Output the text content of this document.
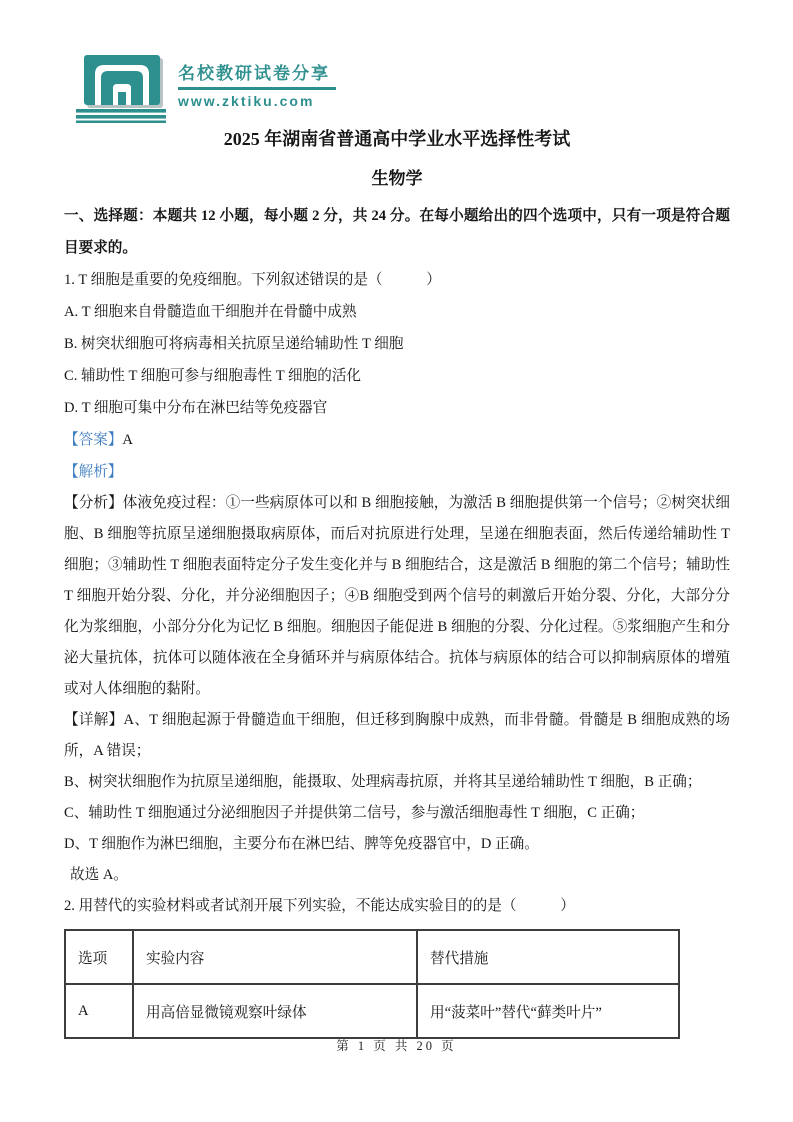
名校教研试卷分享
www.zktiku.com
2025 年湖南省普通高中学业水平选择性考试
生物学

一、选择题：本题共 12 小题，每小题 2 分，共 24 分。在每小题给出的四个选项中，只有一项是符合题目要求的。

1. T 细胞是重要的免疫细胞。下列叙述错误的是（　　　）

A. T 细胞来自骨髓造血干细胞并在骨髓中成熟

B. 树突状细胞可将病毒相关抗原呈递给辅助性 T 细胞

C. 辅助性 T 细胞可参与细胞毒性 T 细胞的活化

D. T 细胞可集中分布在淋巴结等免疫器官

【答案】A

【解析】

【分析】体液免疫过程：①一些病原体可以和 B 细胞接触，为激活 B 细胞提供第一个信号；②树突状细胞、B 细胞等抗原呈递细胞摄取病原体，而后对抗原进行处理，呈递在细胞表面，然后传递给辅助性 T 细胞；③辅助性 T 细胞表面特定分子发生变化并与 B 细胞结合，这是激活 B 细胞的第二个信号；辅助性 T 细胞开始分裂、分化，并分泌细胞因子；④B 细胞受到两个信号的刺激后开始分裂、分化，大部分分化为浆细胞，小部分分化为记忆 B 细胞。细胞因子能促进 B 细胞的分裂、分化过程。⑤浆细胞产生和分泌大量抗体，抗体可以随体液在全身循环并与病原体结合。抗体与病原体的结合可以抑制病原体的增殖或对人体细胞的黏附。

【详解】A、T 细胞起源于骨髓造血干细胞，但迁移到胸腺中成熟，而非骨髓。骨髓是 B 细胞成熟的场所，A 错误；

B、树突状细胞作为抗原呈递细胞，能摄取、处理病毒抗原，并将其呈递给辅助性 T 细胞，B 正确；

C、辅助性 T 细胞通过分泌细胞因子并提供第二信号，参与激活细胞毒性 T 细胞，C 正确；

D、T 细胞作为淋巴细胞，主要分布在淋巴结、脾等免疫器官中，D 正确。

故选 A。

2. 用替代的实验材料或者试剂开展下列实验，不能达成实验目的的是（　　　）

选项	实验内容	替代措施
A	用高倍显微镜观察叶绿体	用“菠菜叶”替代“藓类叶片”
第 1 页 共 20 页
